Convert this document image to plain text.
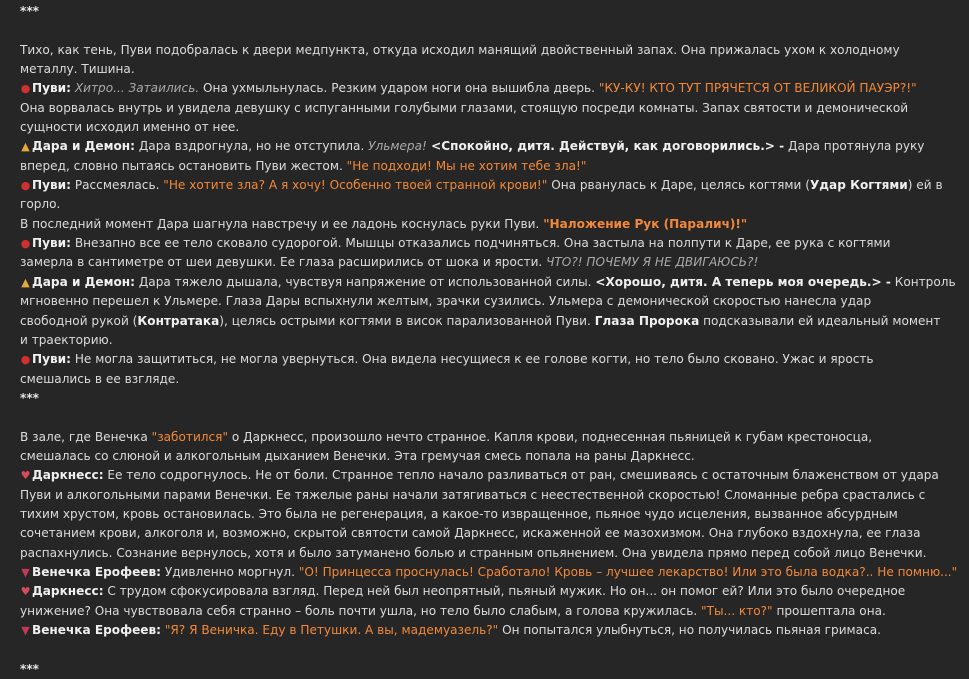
***
Тихо, как тень, Пуви подобралась к двери медпункта, откуда исходил манящий двойственный запах. Она прижалась ухом к холодному
металлу. Тишина.
● Пуви: Хитро... Затаились. Она ухмыльнулась. Резким ударом ноги она вышибла дверь. "КУ-КУ! КТО ТУТ ПРЯЧЕТСЯ ОТ ВЕЛИКОЙ ПАУЭР?!"
Она ворвалась внутрь и увидела девушку с испуганными голубыми глазами, стоящую посреди комнаты. Запах святости и демонической
сущности исходил именно от нее.
▲ Дара и Демон: Дара вздрогнула, но не отступила. Ульмера! <Спокойно, дитя. Действуй, как договорились.> - Дара протянула руку
вперед, словно пытаясь остановить Пуви жестом. "Не подходи! Мы не хотим тебе зла!"
● Пуви: Рассмеялась. "Не хотите зла? А я хочу! Особенно твоей странной крови!" Она рванулась к Даре, целясь когтями (Удар Когтями) ей в
горло.
В последний момент Дара шагнула навстречу и ее ладонь коснулась руки Пуви. "Наложение Рук (Паралич)!"
● Пуви: Внезапно все ее тело сковало судорогой. Мышцы отказались подчиняться. Она застыла на полпути к Даре, ее рука с когтями
замерла в сантиметре от шеи девушки. Ее глаза расширились от шока и ярости. ЧТО?! ПОЧЕМУ Я НЕ ДВИГАЮСЬ?!
▲ Дара и Демон: Дара тяжело дышала, чувствуя напряжение от использованной силы. <Хорошо, дитя. А теперь моя очередь.> - Контроль
мгновенно перешел к Ульмере. Глаза Дары вспыхнули желтым, зрачки сузились. Ульмера с демонической скоростью нанесла удар
свободной рукой (Контратака), целясь острыми когтями в висок парализованной Пуви. Глаза Пророка подсказывали ей идеальный момент
и траекторию.
● Пуви: Не могла защититься, не могла увернуться. Она видела несущиеся к ее голове когти, но тело было сковано. Ужас и ярость
смешались в ее взгляде.
***
В зале, где Венечка "заботился" о Даркнесс, произошло нечто странное. Капля крови, поднесенная пьяницей к губам крестоносца,
смешалась со слюной и алкогольным дыханием Венечки. Эта гремучая смесь попала на раны Даркнесс.
♥ Даркнесс: Ее тело содрогнулось. Не от боли. Странное тепло начало разливаться от ран, смешиваясь с остаточным блаженством от удара
Пуви и алкогольными парами Венечки. Ее тяжелые раны начали затягиваться с неестественной скоростью! Сломанные ребра срастались с
тихим хрустом, кровь остановилась. Это была не регенерация, а какое-то извращенное, пьяное чудо исцеления, вызванное абсурдным
сочетанием крови, алкоголя и, возможно, скрытой святости самой Даркнесс, искаженной ее мазохизмом. Она глубоко вздохнула, ее глаза
распахнулись. Сознание вернулось, хотя и было затуманено болью и странным опьянением. Она увидела прямо перед собой лицо Венечки.
▼ Венечка Ерофеев: Удивленно моргнул. "О! Принцесса проснулась! Сработало! Кровь – лучшее лекарство! Или это была водка?.. Не помню..."
♥ Даркнесс: С трудом сфокусировала взгляд. Перед ней был неопрятный, пьяный мужик. Но он... он помог ей? Или это было очередное
унижение? Она чувствовала себя странно – боль почти ушла, но тело было слабым, а голова кружилась. "Ты... кто?" прошептала она.
▼ Венечка Ерофеев: "Я? Я Веничка. Еду в Петушки. А вы, мадемуазель?" Он попытался улыбнуться, но получилась пьяная гримаса.
***
